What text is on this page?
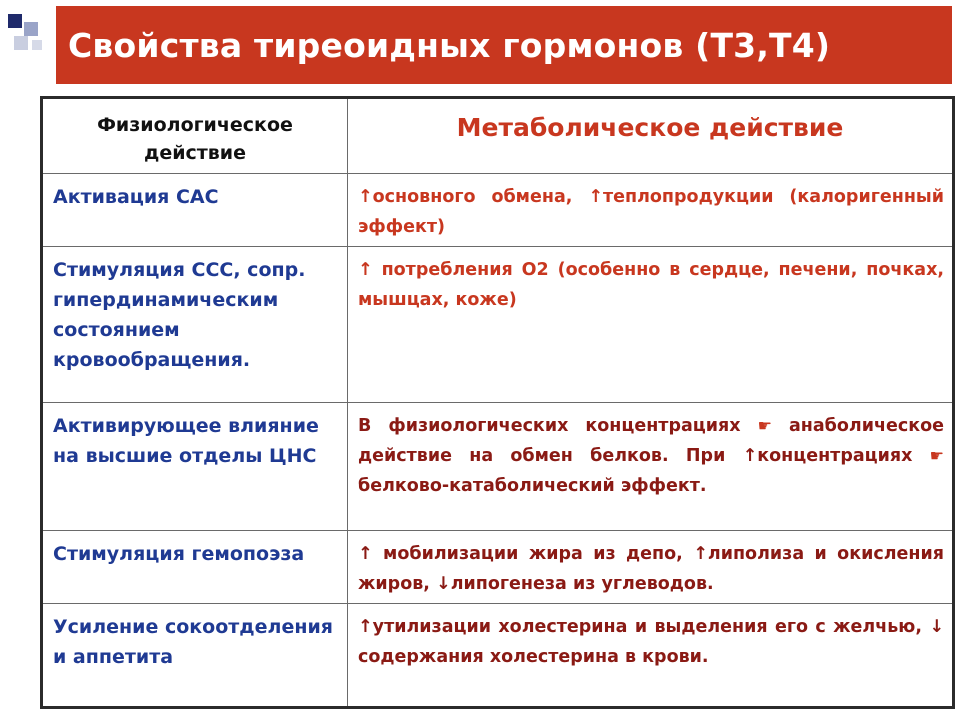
Свойства тиреоидных гормонов (Т3,Т4)
Физиологическое действие	Метаболическое действие
Активация САС	↑основного обмена, ↑теплопродукции (калоригенный эффект)
Стимуляция ССС, сопр. гипердинамическим состоянием кровообращения.	↑ потребления О2 (особенно в сердце, печени, почках, мышцах, коже)
Активирующее влияние на высшие отделы ЦНС	В физиологических концентрациях ☛ анаболическое действие на обмен белков. При ↑концентрациях ☛ белково-катаболический эффект.
Стимуляция гемопоэза	↑ мобилизации жира из депо, ↑липолиза и окисления жиров, ↓липогенеза из углеводов.
Усиление сокоотделения и аппетита	↑утилизации холестерина и выделения его с желчью, ↓ содержания холестерина в крови.
